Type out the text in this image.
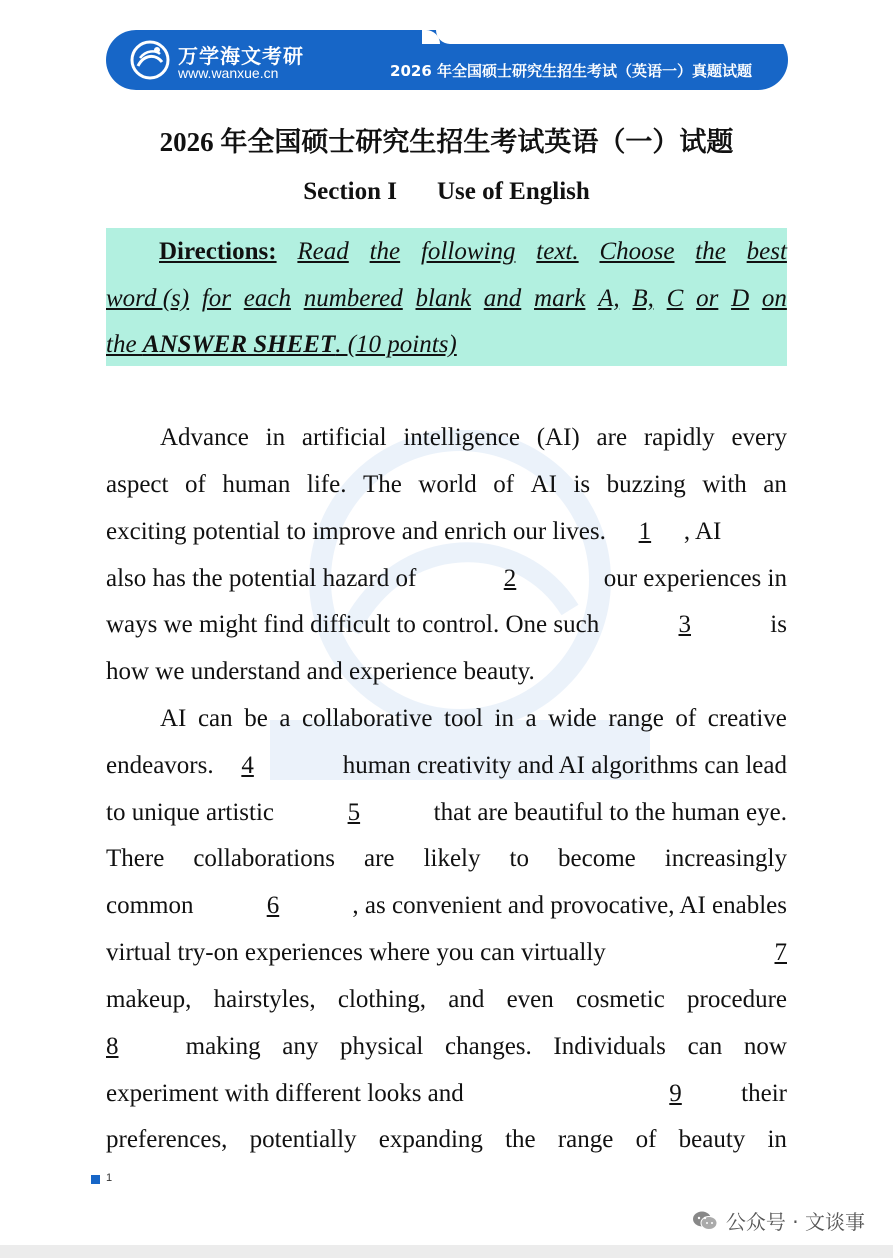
万学海文考研
www.wanxue.cn	2026 年全国硕士研究生招生考试（英语一）真题试题
2026 年全国硕士研究生招生考试英语（一）试题
Section I Use of English
Directions: Read the following text. Choose the best
word (s) for each numbered blank and mark A, B, C or D on
the ANSWER SHEET. (10 points)
Advance in artificial intelligence (AI) are rapidly every
aspect of human life. The world of AI is buzzing with an
exciting potential to improve and enrich our lives. 1 , AI
also has the potential hazard of	2	our experiences in
ways we might find difficult to control. One such	3	is
how we understand and experience beauty.
AI can be a collaborative tool in a wide range of creative
endeavors. 4	human creativity and AI algorithms can lead
to unique artistic	5	that are beautiful to the human eye.
There collaborations are likely to become increasingly
common	6	, as convenient and provocative, AI enables
virtual try-on experiences where you can virtually	7
makeup, hairstyles, clothing, and even cosmetic procedure
8	making any physical changes. Individuals can now
experiment with different looks and	9 their
preferences, potentially expanding the range of beauty in
1
公众号 · 文谈事
